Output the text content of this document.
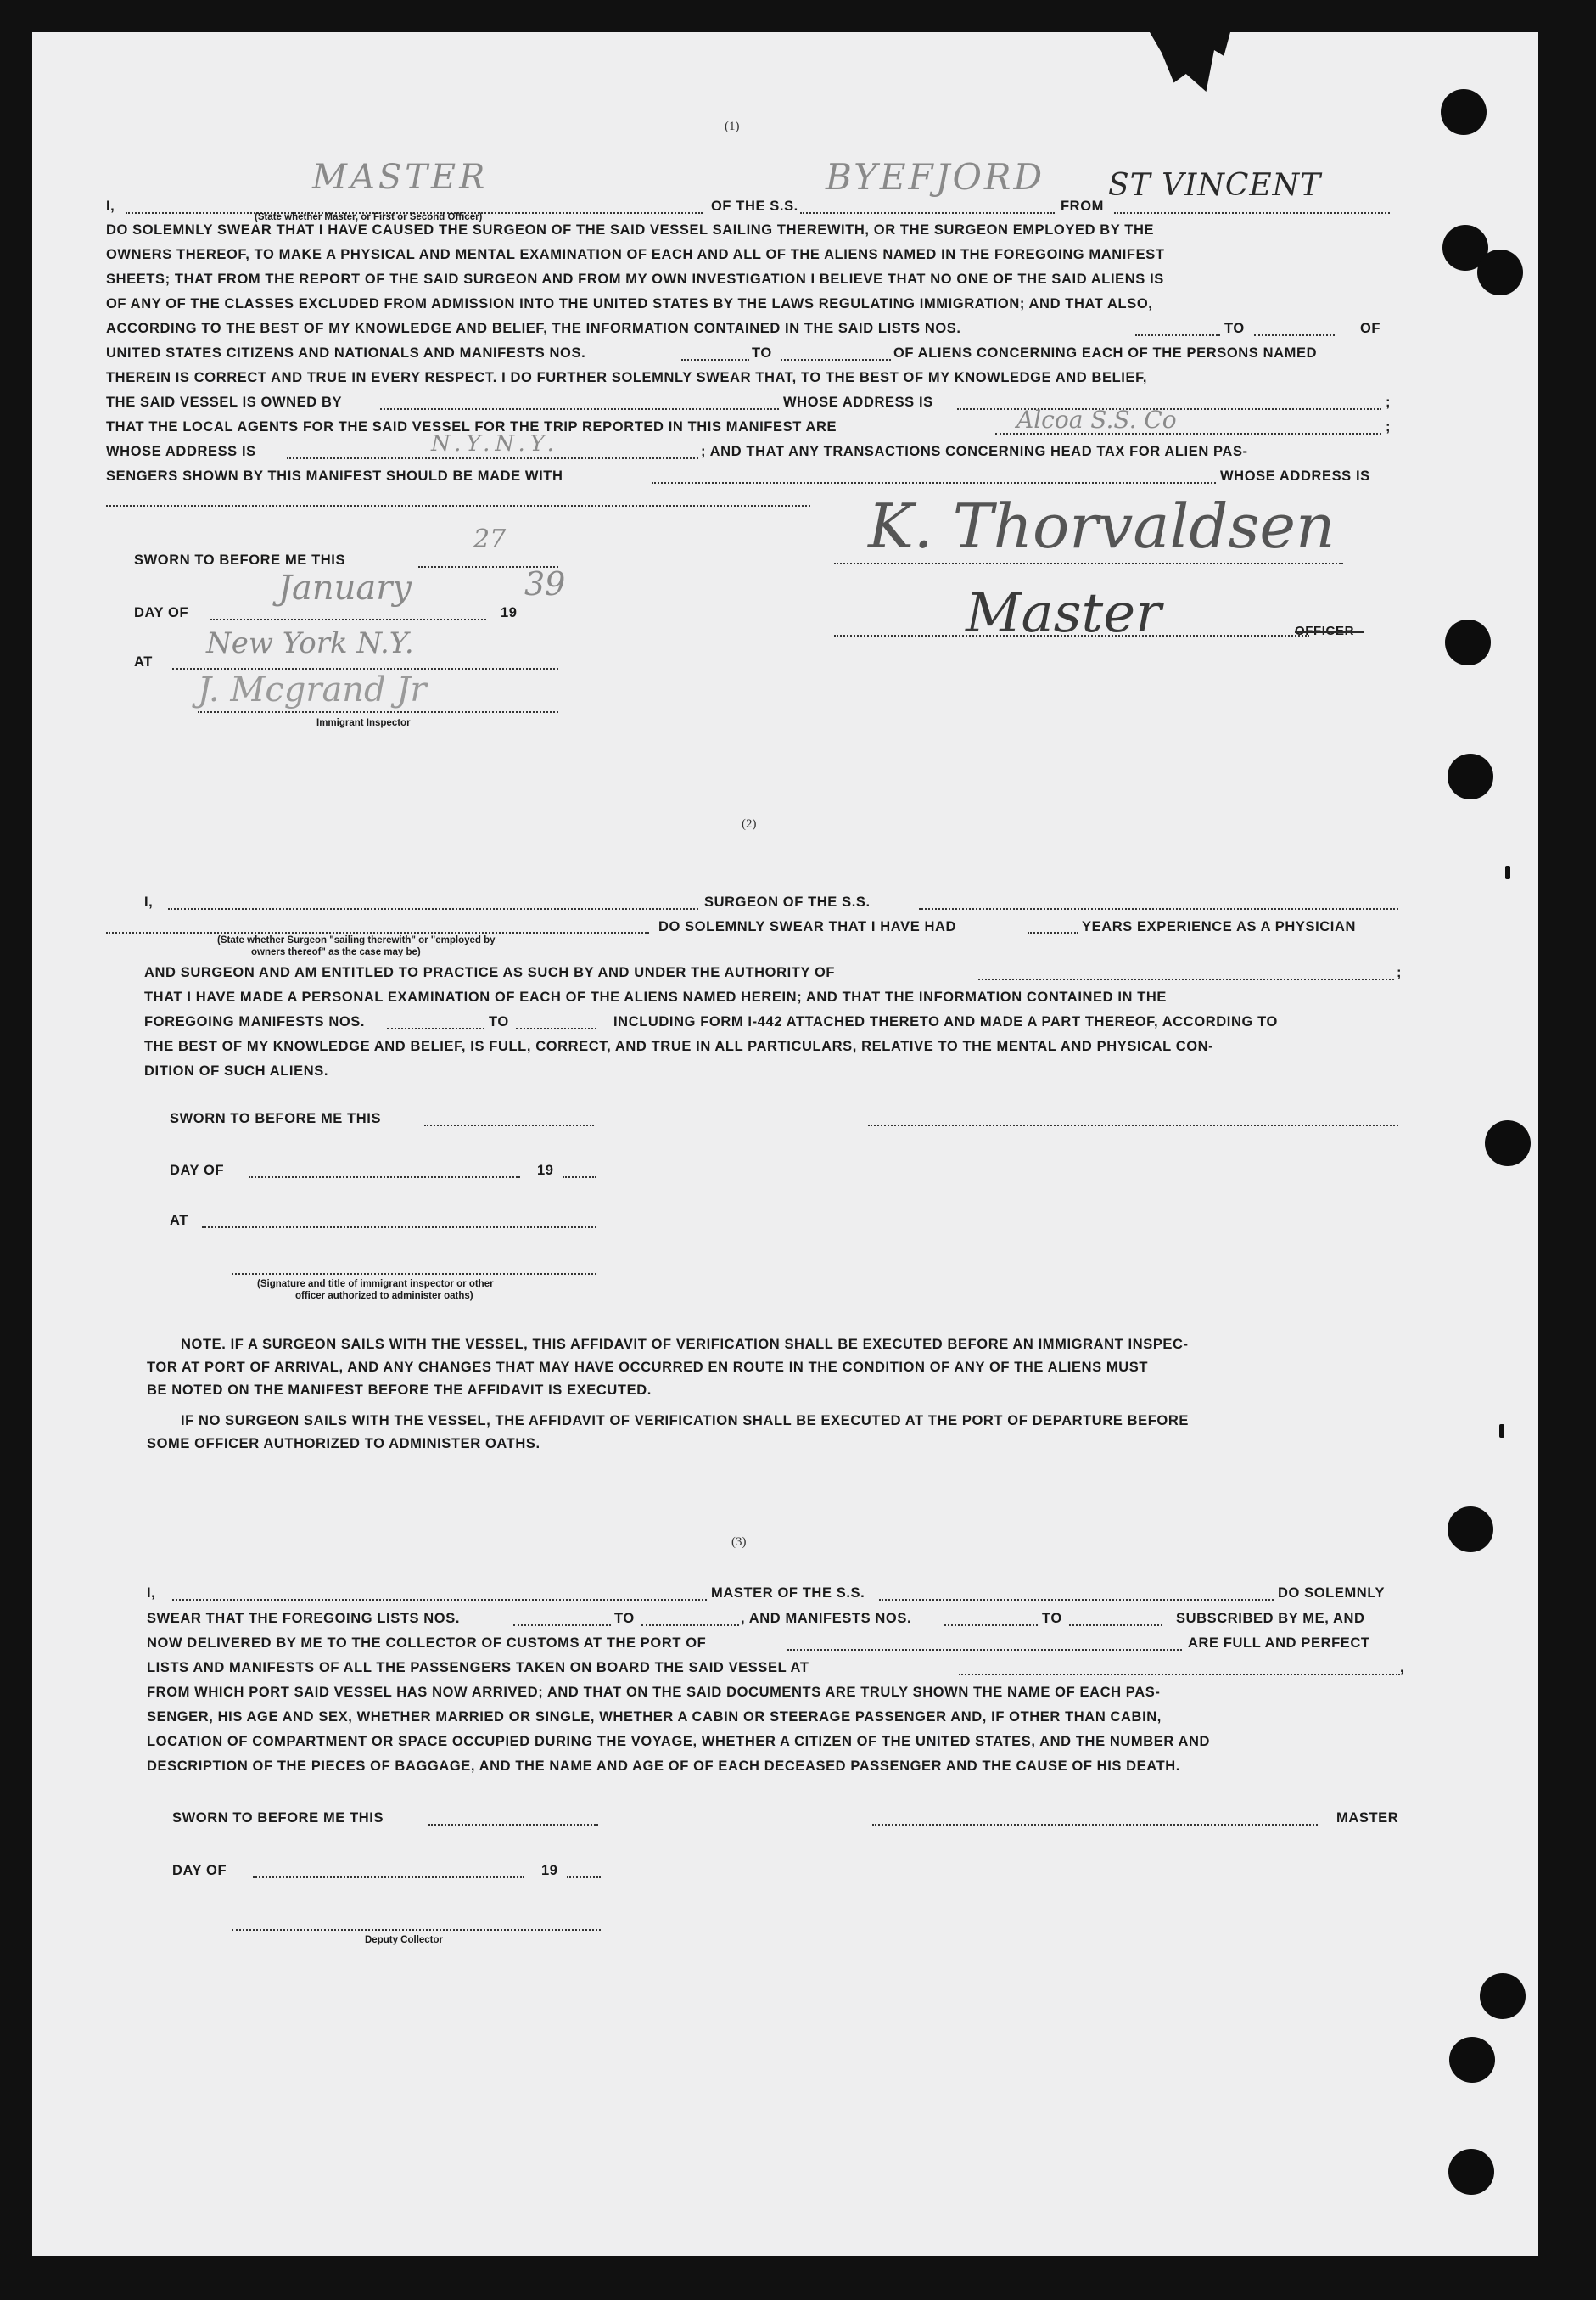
(1)
I,
MASTER
OF THE S.S.
BYEFJORD
FROM
ST VINCENT
(State whether Master, or First or Second Officer)
DO SOLEMNLY SWEAR THAT I HAVE CAUSED THE SURGEON OF THE SAID VESSEL SAILING THEREWITH, OR THE SURGEON EMPLOYED BY THE
OWNERS THEREOF, TO MAKE A PHYSICAL AND MENTAL EXAMINATION OF EACH AND ALL OF THE ALIENS NAMED IN THE FOREGOING MANIFEST
SHEETS; THAT FROM THE REPORT OF THE SAID SURGEON AND FROM MY OWN INVESTIGATION I BELIEVE THAT NO ONE OF THE SAID ALIENS IS
OF ANY OF THE CLASSES EXCLUDED FROM ADMISSION INTO THE UNITED STATES BY THE LAWS REGULATING IMMIGRATION; AND THAT ALSO,
ACCORDING TO THE BEST OF MY KNOWLEDGE AND BELIEF, THE INFORMATION CONTAINED IN THE SAID LISTS NOS.	TO	OF
UNITED STATES CITIZENS AND NATIONALS AND MANIFESTS NOS.	TO	OF ALIENS CONCERNING EACH OF THE PERSONS NAMED
THEREIN IS CORRECT AND TRUE IN EVERY RESPECT. I DO FURTHER SOLEMNLY SWEAR THAT, TO THE BEST OF MY KNOWLEDGE AND BELIEF,
THE SAID VESSEL IS OWNED BY	WHOSE ADDRESS IS	;
THAT THE LOCAL AGENTS FOR THE SAID VESSEL FOR THE TRIP REPORTED IN THIS MANIFEST ARE	Alcoa S.S. Co	;
WHOSE ADDRESS IS	N.Y.N.Y.	; AND THAT ANY TRANSACTIONS CONCERNING HEAD TAX FOR ALIEN PAS-
SENGERS SHOWN BY THIS MANIFEST SHOULD BE MADE WITH	WHOSE ADDRESS IS
SWORN TO BEFORE ME THIS
27
DAY OF
January
19
39
AT
New York N.Y.
J. Mcgrand Jr
Immigrant Inspector
K. Thorvaldsen
Master
(2)
I,	SURGEON OF THE S.S.
DO SOLEMNLY SWEAR THAT I HAVE HAD	YEARS EXPERIENCE AS A PHYSICIAN
(State whether Surgeon "sailing therewith" or "employed by
owners thereof" as the case may be)
AND SURGEON AND AM ENTITLED TO PRACTICE AS SUCH BY AND UNDER THE AUTHORITY OF	;
THAT I HAVE MADE A PERSONAL EXAMINATION OF EACH OF THE ALIENS NAMED HEREIN; AND THAT THE INFORMATION CONTAINED IN THE
FOREGOING MANIFESTS NOS.	TO	INCLUDING FORM I-442 ATTACHED THERETO AND MADE A PART THEREOF, ACCORDING TO
THE BEST OF MY KNOWLEDGE AND BELIEF, IS FULL, CORRECT, AND TRUE IN ALL PARTICULARS, RELATIVE TO THE MENTAL AND PHYSICAL CON-
DITION OF SUCH ALIENS.
SWORN TO BEFORE ME THIS
DAY OF	19
AT
(Signature and title of immigrant inspector or other
officer authorized to administer oaths)
NOTE. IF A SURGEON SAILS WITH THE VESSEL, THIS AFFIDAVIT OF VERIFICATION SHALL BE EXECUTED BEFORE AN IMMIGRANT INSPEC-
TOR AT PORT OF ARRIVAL, AND ANY CHANGES THAT MAY HAVE OCCURRED EN ROUTE IN THE CONDITION OF ANY OF THE ALIENS MUST
BE NOTED ON THE MANIFEST BEFORE THE AFFIDAVIT IS EXECUTED.
IF NO SURGEON SAILS WITH THE VESSEL, THE AFFIDAVIT OF VERIFICATION SHALL BE EXECUTED AT THE PORT OF DEPARTURE BEFORE
SOME OFFICER AUTHORIZED TO ADMINISTER OATHS.
(3)
I,	MASTER OF THE S.S.	DO SOLEMNLY
SWEAR THAT THE FOREGOING LISTS NOS.	TO	, AND MANIFESTS NOS.	TO	SUBSCRIBED BY ME, AND
NOW DELIVERED BY ME TO THE COLLECTOR OF CUSTOMS AT THE PORT OF	ARE FULL AND PERFECT
LISTS AND MANIFESTS OF ALL THE PASSENGERS TAKEN ON BOARD THE SAID VESSEL AT	,
FROM WHICH PORT SAID VESSEL HAS NOW ARRIVED; AND THAT ON THE SAID DOCUMENTS ARE TRULY SHOWN THE NAME OF EACH PAS-
SENGER, HIS AGE AND SEX, WHETHER MARRIED OR SINGLE, WHETHER A CABIN OR STEERAGE PASSENGER AND, IF OTHER THAN CABIN,
LOCATION OF COMPARTMENT OR SPACE OCCUPIED DURING THE VOYAGE, WHETHER A CITIZEN OF THE UNITED STATES, AND THE NUMBER AND
DESCRIPTION OF THE PIECES OF BAGGAGE, AND THE NAME AND AGE OF OF EACH DECEASED PASSENGER AND THE CAUSE OF HIS DEATH.
SWORN TO BEFORE ME THIS	MASTER
DAY OF	19
Deputy Collector
